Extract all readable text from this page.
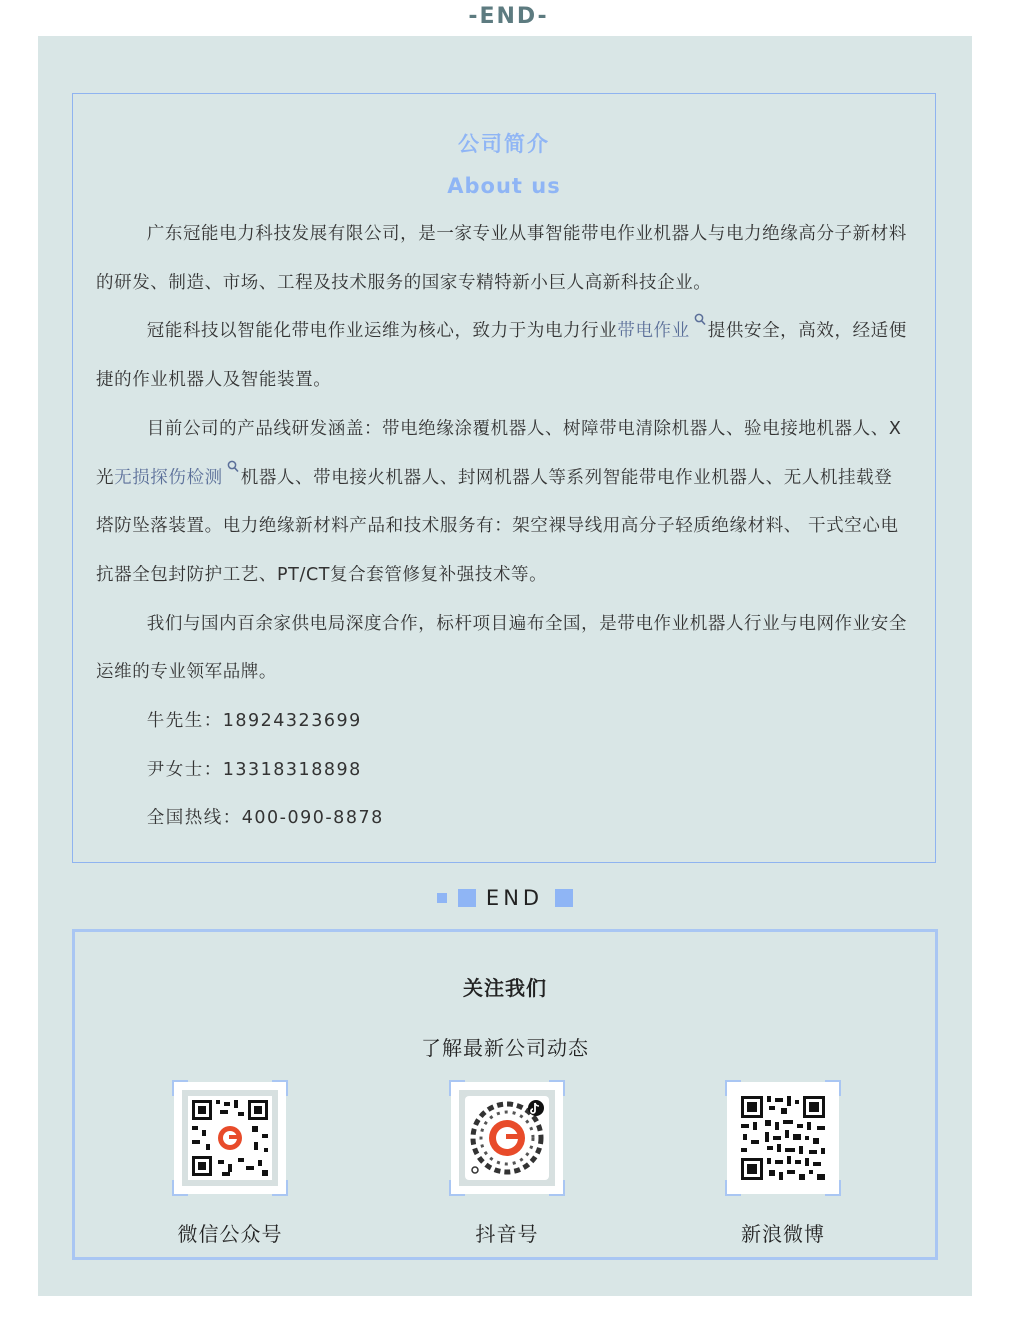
-END-
公司简介
About us

广东冠能电力科技发展有限公司，是一家专业从事智能带电作业机器人与电力绝缘高分子新材料的研发、制造、市场、工程及技术服务的国家专精特新小巨人高新科技企业。

冠能科技以智能化带电作业运维为核心，致力于为电力行业带电作业 提供安全，高效，经适便捷的作业机器人及智能装置。

目前公司的产品线研发涵盖：带电绝缘涂覆机器人、树障带电清除机器人、验电接地机器人、X光无损探伤检测 机器人、带电接火机器人、封网机器人等系列智能带电作业机器人、无人机挂载登塔防坠落装置。电力绝缘新材料产品和技术服务有：架空裸导线用高分子轻质绝缘材料、 干式空心电抗器全包封防护工艺、PT/CT复合套管修复补强技术等。

我们与国内百余家供电局深度合作，标杆项目遍布全国，是带电作业机器人行业与电网作业安全运维的专业领军品牌。

牛先生：18924323699

尹女士：13318318898

全国热线：400-090-8878

END
关注我们
了解最新公司动态
微信公众号	抖音号	新浪微博
